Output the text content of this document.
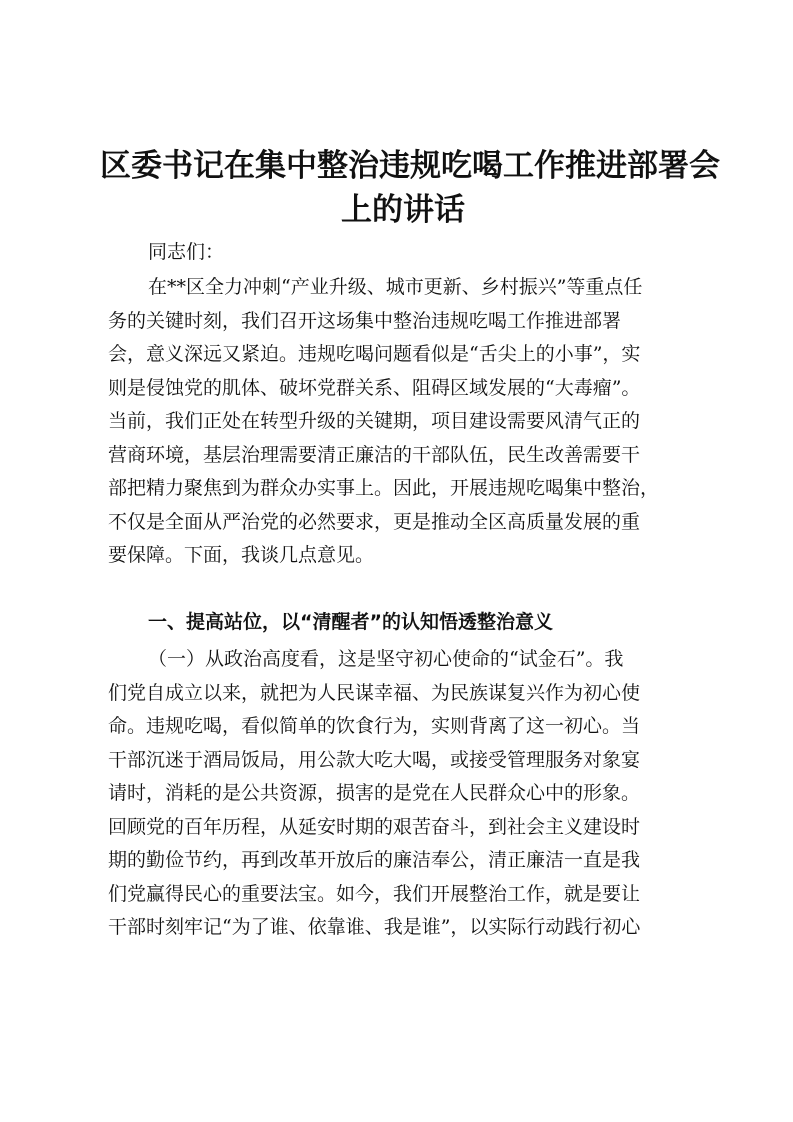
区委书记在集中整治违规吃喝工作推进部署会
上的讲话
同志们：
在**区全力冲刺“产业升级、城市更新、乡村振兴”等重点任
务的关键时刻，我们召开这场集中整治违规吃喝工作推进部署
会，意义深远又紧迫。违规吃喝问题看似是“舌尖上的小事”，实
则是侵蚀党的肌体、破坏党群关系、阻碍区域发展的“大毒瘤”。
当前，我们正处在转型升级的关键期，项目建设需要风清气正的
营商环境，基层治理需要清正廉洁的干部队伍，民生改善需要干
部把精力聚焦到为群众办实事上。因此，开展违规吃喝集中整治，
不仅是全面从严治党的必然要求，更是推动全区高质量发展的重
要保障。下面，我谈几点意见。
一、提高站位，以“清醒者”的认知悟透整治意义
（一）从政治高度看，这是坚守初心使命的“试金石”。我
们党自成立以来，就把为人民谋幸福、为民族谋复兴作为初心使
命。违规吃喝，看似简单的饮食行为，实则背离了这一初心。当
干部沉迷于酒局饭局，用公款大吃大喝，或接受管理服务对象宴
请时，消耗的是公共资源，损害的是党在人民群众心中的形象。
回顾党的百年历程，从延安时期的艰苦奋斗，到社会主义建设时
期的勤俭节约，再到改革开放后的廉洁奉公，清正廉洁一直是我
们党赢得民心的重要法宝。如今，我们开展整治工作，就是要让
干部时刻牢记“为了谁、依靠谁、我是谁”，以实际行动践行初心
